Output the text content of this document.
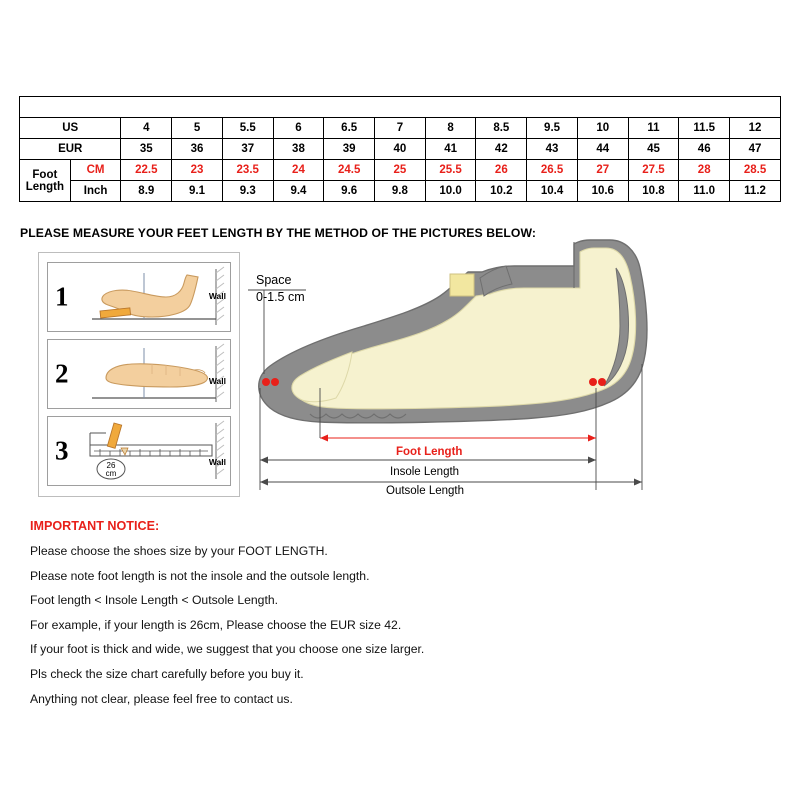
CEOXEAGLE Unisex Shoes Size Chart														
US		4	5	5.5	6	6.5	7	8	8.5	9.5	10	11	11.5	12
EUR		35	36	37	38	39	40	41	42	43	44	45	46	47
Foot
Length	CM	22.5	23	23.5	24	24.5	25	25.5	26	26.5	27	27.5	28	28.5
	Inch	8.9	9.1	9.3	9.4	9.6	9.8	10.0	10.2	10.4	10.6	10.8	11.0	11.2
PLEASE MEASURE YOUR FEET LENGTH BY THE METHOD OF THE PICTURES BELOW:
1	Wall
2	Wall
3	26
cm
Wall
Space
0-1.5 cm
Foot Length
Insole Length
Outsole Length
IMPORTANT NOTICE:
Please choose the shoes size by your FOOT LENGTH.
Please note foot length is not the insole and the outsole length.
Foot length < Insole Length < Outsole Length.
For example, if your length is 26cm, Please choose the EUR size 42.
If your foot is thick and wide, we suggest that you choose one size larger.
Pls check the size chart carefully before you buy it.
Anything not clear, please feel free to contact us.
